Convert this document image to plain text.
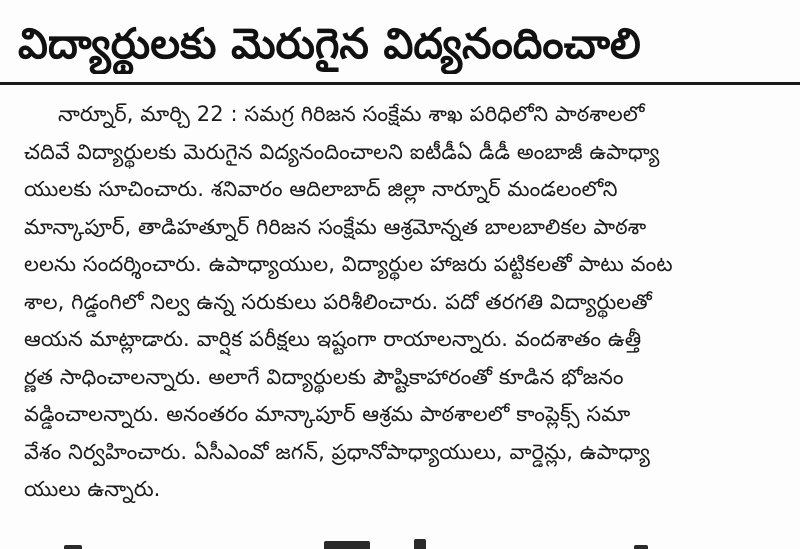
విద్యార్థులకు మెరుగైన విద్యనందించాలి
నార్నూర్, మార్చి 22 : సమగ్ర గిరిజన సంక్షేమ శాఖ పరిధిలోని పాఠశాలలో
చదివే విద్యార్థులకు మెరుగైన విద్యనందించాలని ఐటీడీఏ డీడీ అంబాజీ ఉపాధ్యా
యులకు సూచించారు. శనివారం ఆదిలాబాద్ జిల్లా నార్నూర్ మండలంలోని
మాన్కాపూర్, తాడిహత్నూర్ గిరిజన సంక్షేమ ఆశ్రమోన్నత బాలబాలికల పాఠశా
లలను సందర్శించారు. ఉపాధ్యాయుల, విద్యార్థుల హాజరు పట్టికలతో పాటు వంట
శాల, గిడ్డంగిలో నిల్వ ఉన్న సరుకులు పరిశీలించారు. పదో తరగతి విద్యార్థులతో
ఆయన మాట్లాడారు. వార్షిక పరీక్షలు ఇష్టంగా రాయాలన్నారు. వందశాతం ఉత్తీ
ర్ణత సాధించాలన్నారు. అలాగే విద్యార్థులకు పౌష్టికాహారంతో కూడిన భోజనం
వడ్డించాలన్నారు. అనంతరం మాన్కాపూర్ ఆశ్రమ పాఠశాలలో కాంప్లెక్స్ సమా
వేశం నిర్వహించారు. ఏసీఎంవో జగన్, ప్రధానోపాధ్యాయులు, వార్డెన్లు, ఉపాధ్యా
యులు ఉన్నారు.
